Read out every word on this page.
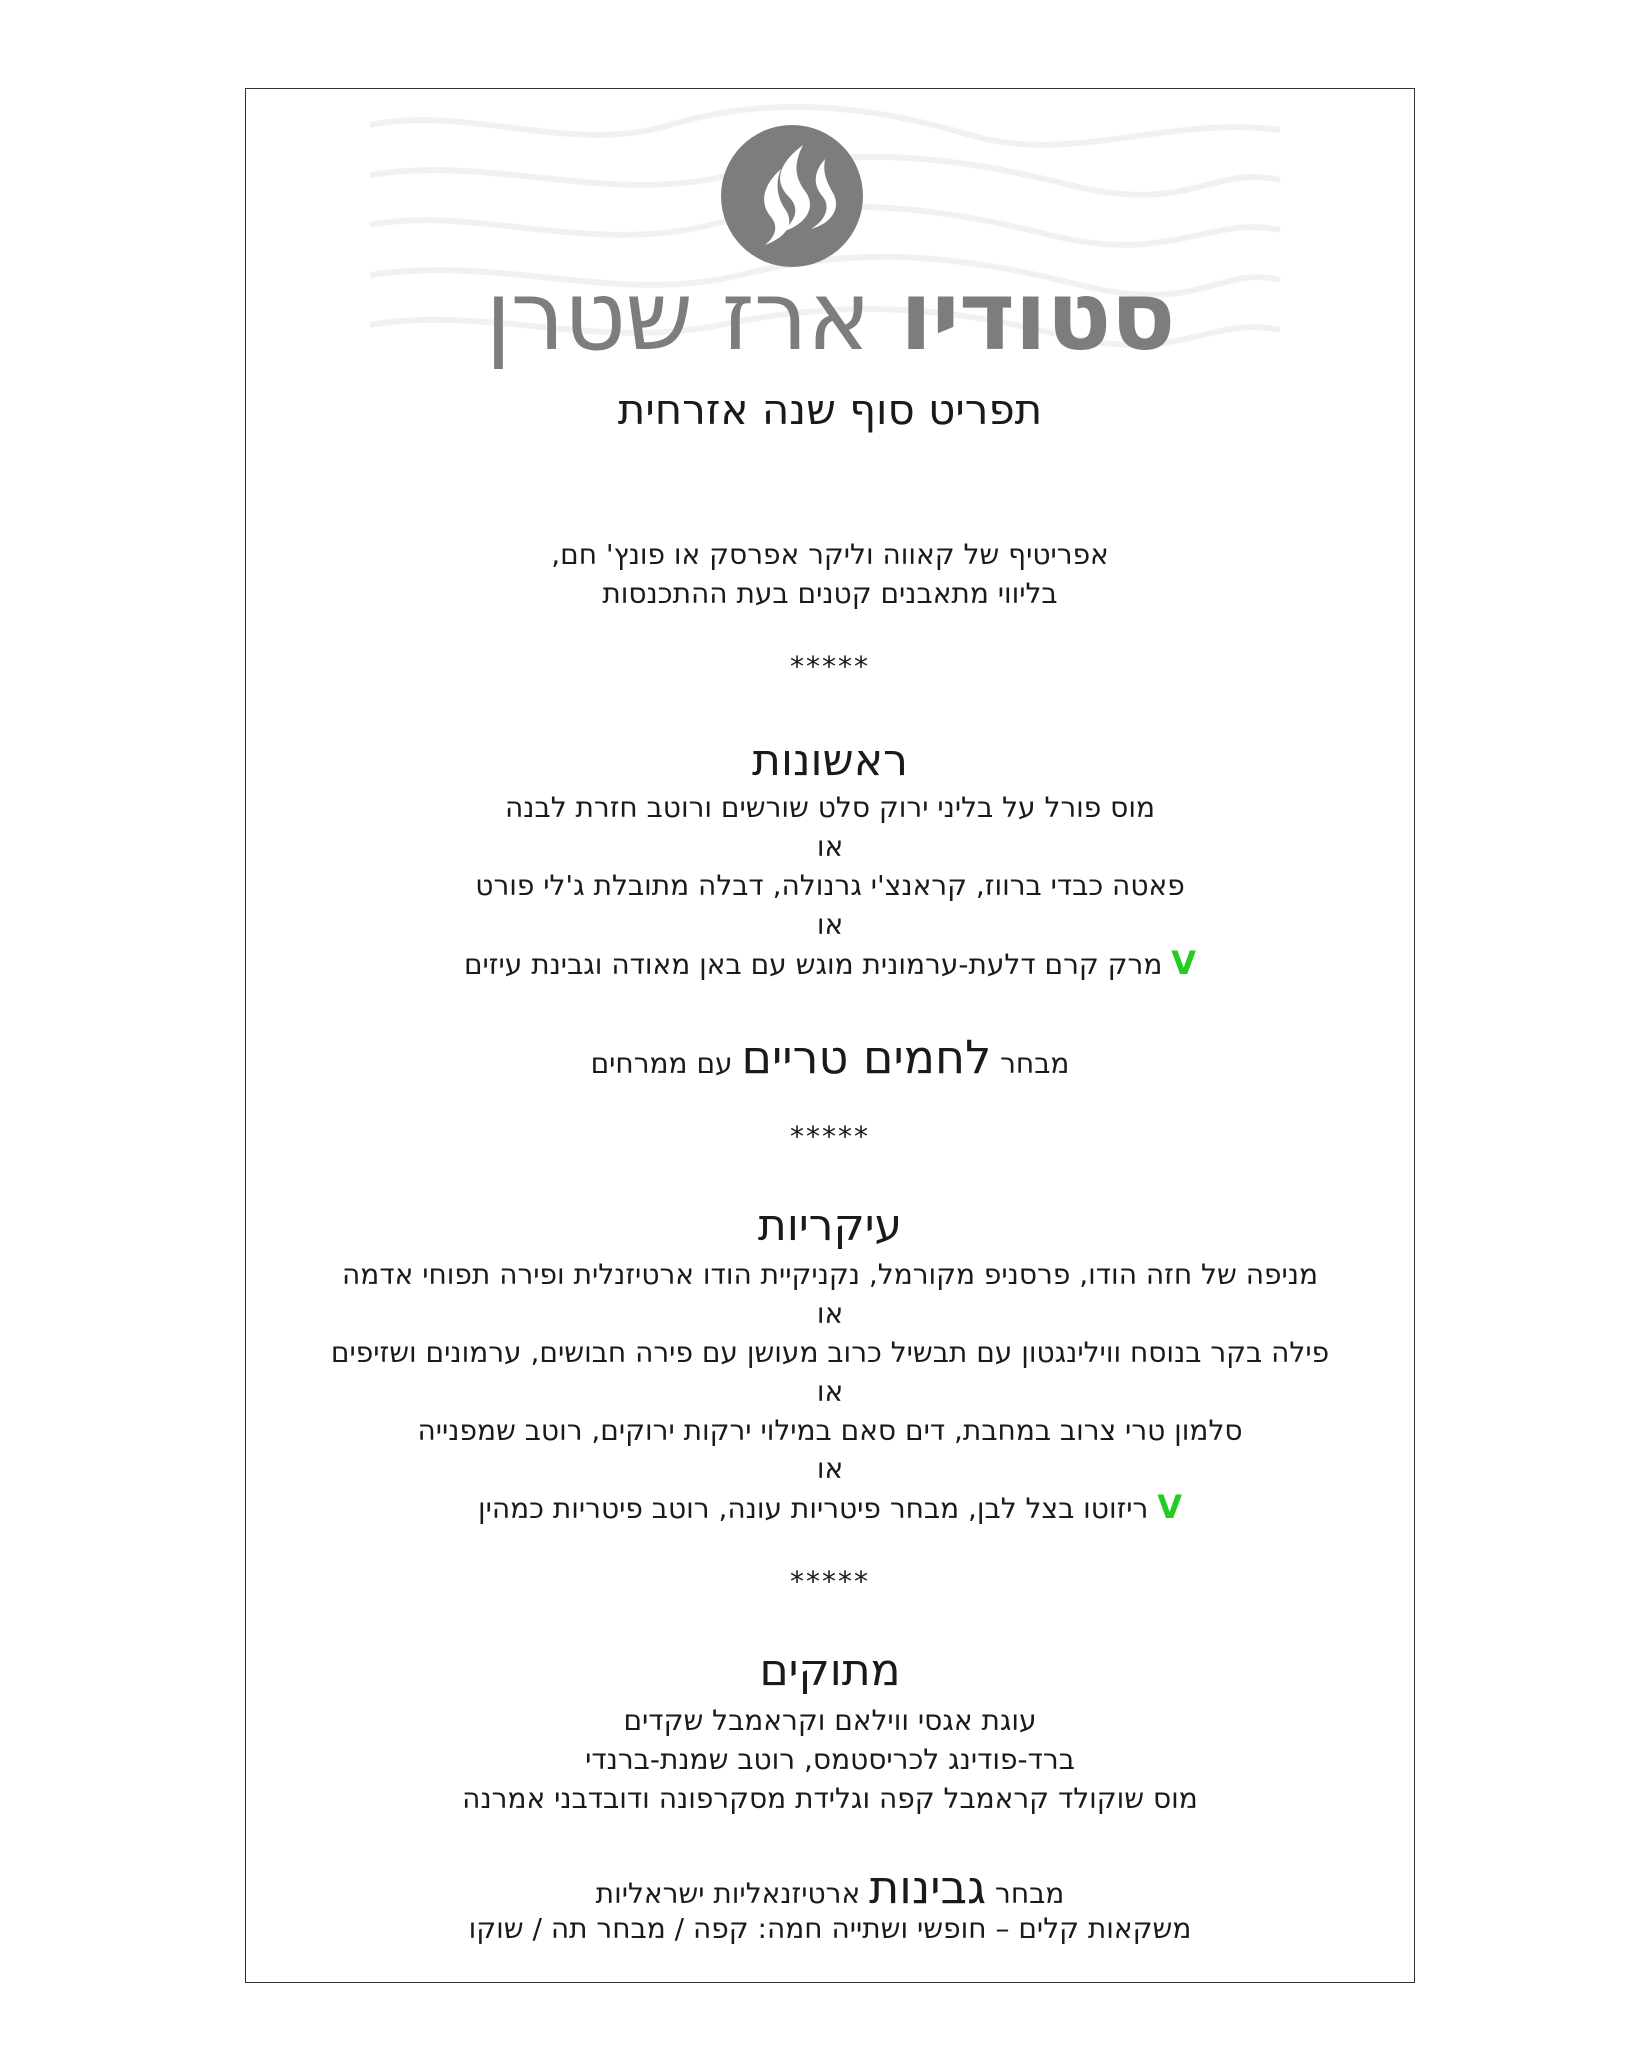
סטודיו ארז שטרן
תפריט סוף שנה אזרחית
אפריטיף של קאווה וליקר אפרסק או פונץ' חם,
בליווי מתאבנים קטנים בעת ההתכנסות
*****
ראשונות
מוס פורל על בליני ירוק סלט שורשים ורוטב חזרת לבנה
או
פאטה כבדי ברווז, קראנצ'י גרנולה, דבלה מתובלת ג'לי פורט
או
V מרק קרם דלעת-ערמונית מוגש עם באן מאודה וגבינת עיזים
מבחר לחמים טריים עם ממרחים
*****
עיקריות
מניפה של חזה הודו, פרסניפ מקורמל, נקניקיית הודו ארטיזנלית ופירה תפוחי אדמה
או
פילה בקר בנוסח ווילינגטון עם תבשיל כרוב מעושן עם פירה חבושים, ערמונים ושזיפים
או
סלמון טרי צרוב במחבת, דים סאם במילוי ירקות ירוקים, רוטב שמפנייה
או
V ריזוטו בצל לבן, מבחר פיטריות עונה, רוטב פיטריות כמהין
*****
מתוקים
עוגת אגסי ווילאם וקראמבל שקדים
ברד-פודינג לכריסטמס, רוטב שמנת-ברנדי
מוס שוקולד קראמבל קפה וגלידת מסקרפונה ודובדבני אמרנה
מבחר גבינות ארטיזנאליות ישראליות
משקאות קלים – חופשי ושתייה חמה: קפה / מבחר תה / שוקו
